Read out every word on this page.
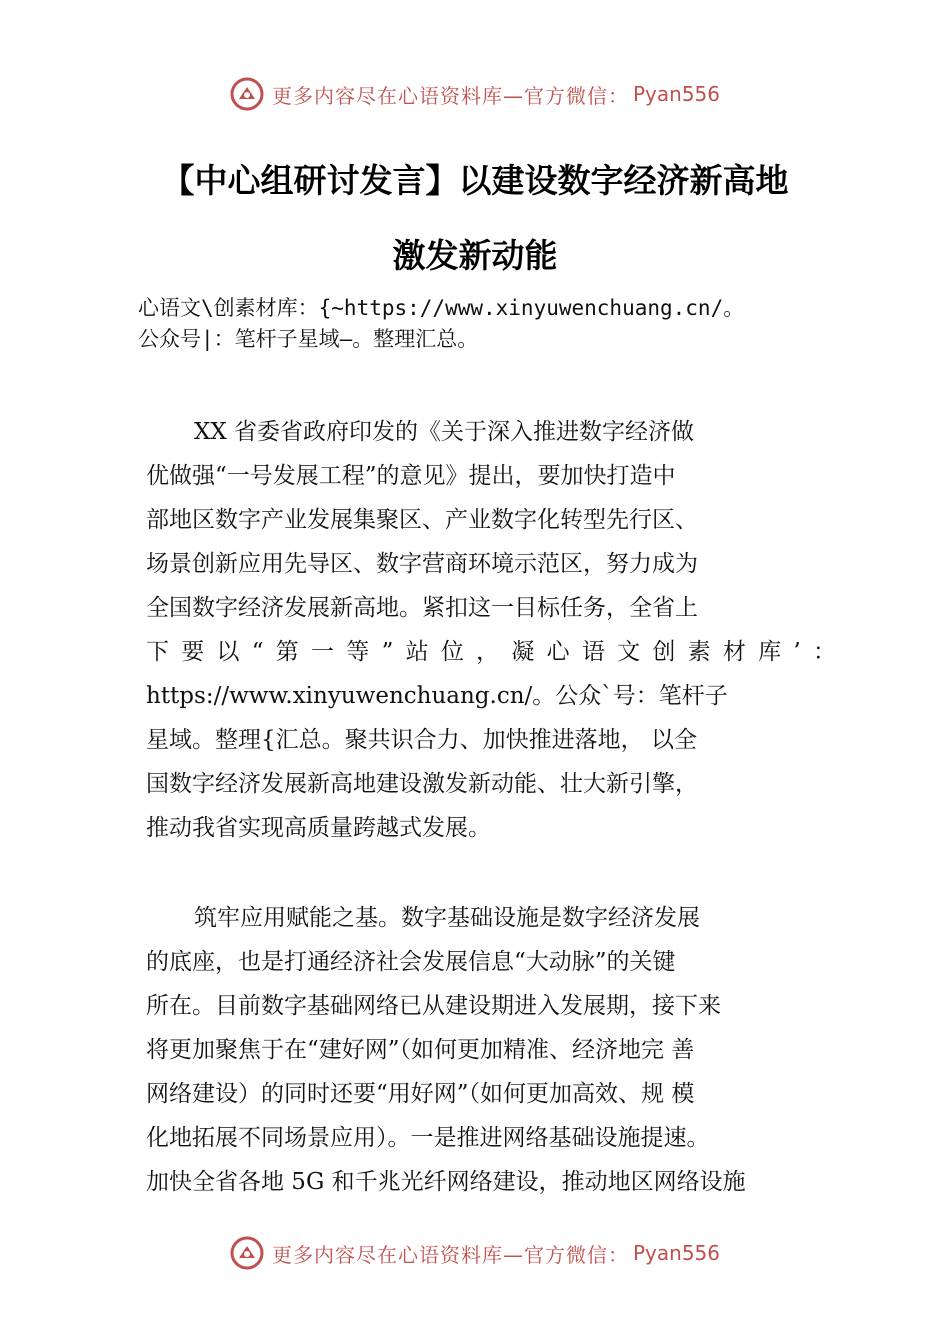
更多内容尽在心语资料库—官方微信： Pyan556
【中心组研讨发言】以建设数字经济新高地
激发新动能
心语文\创素材库：{~https://www.xinyuwenchuang.cn/。
公众号|：笔杆子星域—。整理汇总。
XX 省委省政府印发的《关于深入推进数字经济做
优做强“一号发展工程”的意见》提出，要加快打造中
部地区数字产业发展集聚区、产业数字化转型先行区、
场景创新应用先导区、数字营商环境示范区，努力成为
全国数字经济发展新高地。紧扣这一目标任务，全省上
下要以“第一等”站位，凝心语文创素材库’：
https://www.xinyuwenchuang.cn/。公众`号：笔杆子
星域。整理{汇总。聚共识合力、加快推进落地， 以全
国数字经济发展新高地建设激发新动能、壮大新引擎，
推动我省实现高质量跨越式发展。
筑牢应用赋能之基。数字基础设施是数字经济发展
的底座，也是打通经济社会发展信息“大动脉”的关键
所在。目前数字基础网络已从建设期进入发展期，接下来
将更加聚焦于在“建好网”（如何更加精准、经济地完 善
网络建设）的同时还要“用好网”（如何更加高效、规 模
化地拓展不同场景应用）。一是推进网络基础设施提速。
加快全省各地 5G 和千兆光纤网络建设，推动地区网络设施
更多内容尽在心语资料库—官方微信： Pyan556
